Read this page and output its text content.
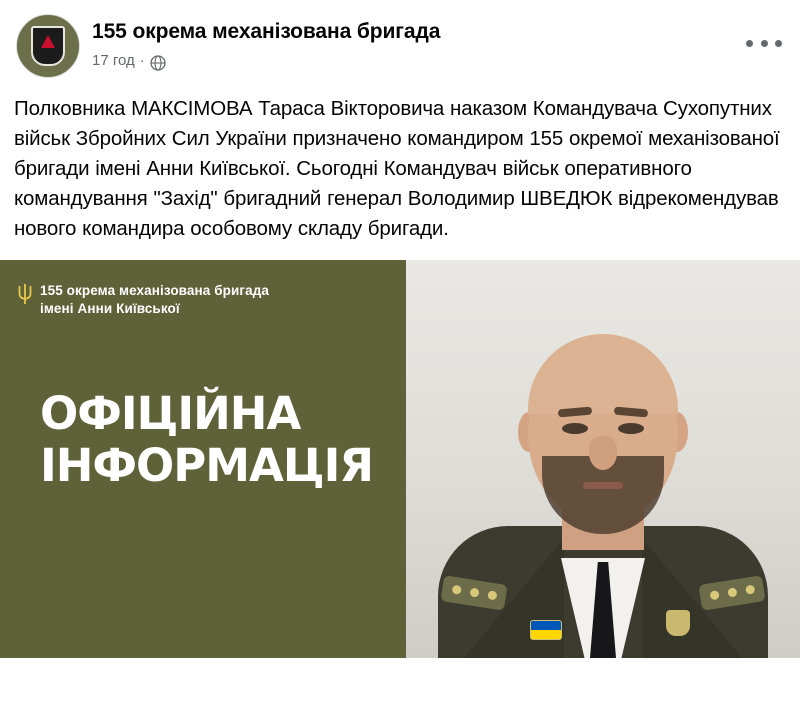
155 окрема механізована бригада
17 год ·
Полковника МАКСІМОВА Тараса Вікторовича наказом Командувача Сухопутних військ Збройних Сил України призначено командиром 155 окремої механізованої бригади імені Анни Київської. Сьогодні Командувач військ оперативного командування "Захід" бригадний генерал Володимир ШВЕДЮК відрекомендував нового командира особовому складу бригади.
155 окрема механізована бригада
імені Анни Київської
ОФІЦІЙНА
ІНФОРМАЦІЯ
